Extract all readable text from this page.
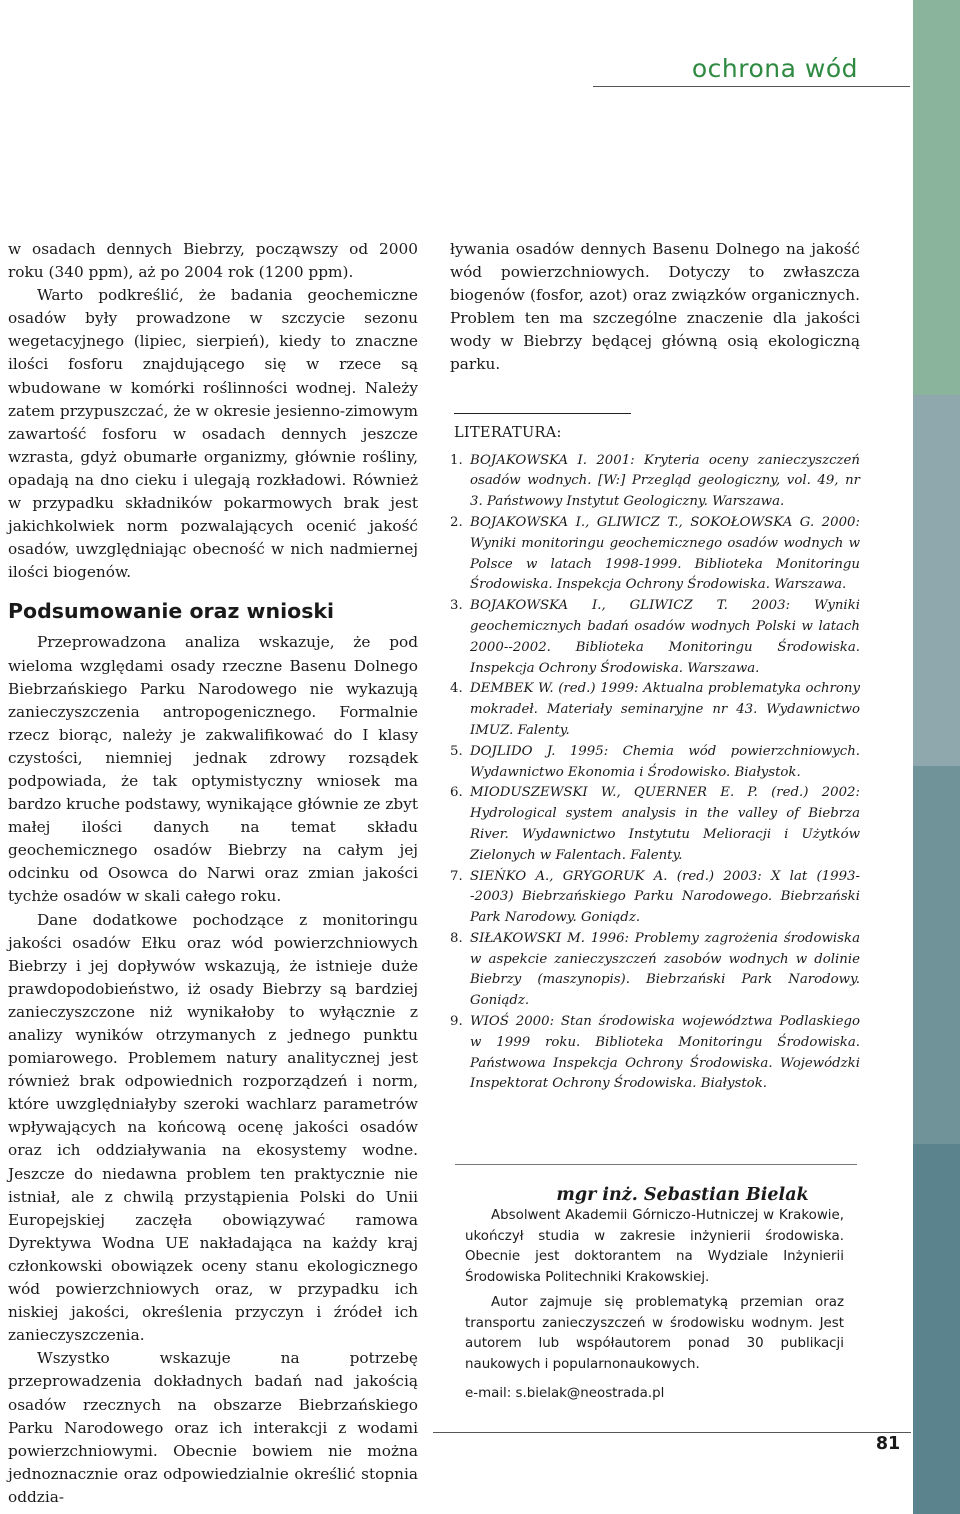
ochrona wód

w osadach dennych Biebrzy, począwszy od 2000 roku (340 ppm), aż po 2004 rok (1200 ppm).

Warto podkreślić, że badania geochemiczne osadów były prowadzone w szczycie sezonu wegetacyjnego (lipiec, sierpień), kiedy to znaczne ilości fosforu znajdującego się w rzece są wbudowane w komórki roślinności wodnej. Należy zatem przypuszczać, że w okresie jesienno-zimowym zawartość fosforu w osadach dennych jeszcze wzrasta, gdyż obumarłe organizmy, głównie rośliny, opadają na dno cieku i ulegają rozkładowi. Również w przypadku składników pokarmowych brak jest jakichkolwiek norm pozwalających ocenić jakość osadów, uwzględniając obecność w nich nadmiernej ilości biogenów.

Podsumowanie oraz wnioski

Przeprowadzona analiza wskazuje, że pod wieloma względami osady rzeczne Basenu Dolnego Biebrzańskiego Parku Narodowego nie wykazują zanieczyszczenia antropogenicznego. Formalnie rzecz biorąc, należy je zakwalifikować do I klasy czystości, niemniej jednak zdrowy rozsądek podpowiada, że tak optymistyczny wniosek ma bardzo kruche podstawy, wynikające głównie ze zbyt małej ilości danych na temat składu geochemicznego osadów Biebrzy na całym jej odcinku od Osowca do Narwi oraz zmian jakości tychże osadów w skali całego roku.

Dane dodatkowe pochodzące z monitoringu jakości osadów Ełku oraz wód powierzchniowych Biebrzy i jej dopływów wskazują, że istnieje duże prawdopodobieństwo, iż osady Biebrzy są bardziej zanieczyszczone niż wynikałoby to wyłącznie z analizy wyników otrzymanych z jednego punktu pomiarowego. Problemem natury analitycznej jest również brak odpowiednich rozporządzeń i norm, które uwzględniałyby szeroki wachlarz parametrów wpływających na końcową ocenę jakości osadów oraz ich oddziaływania na ekosystemy wodne. Jeszcze do niedawna problem ten praktycznie nie istniał, ale z chwilą przystąpienia Polski do Unii Europejskiej zaczęła obowiązywać ramowa Dyrektywa Wodna UE nakładająca na każdy kraj członkowski obowiązek oceny stanu ekologicznego wód powierzchniowych oraz, w przypadku ich niskiej jakości, określenia przyczyn i źródeł ich zanieczyszczenia.

Wszystko wskazuje na potrzebę przeprowadzenia dokładnych badań nad jakością osadów rzecznych na obszarze Biebrzańskiego Parku Narodowego oraz ich interakcji z wodami powierzchniowymi. Obecnie bowiem nie można jednoznacznie oraz odpowiedzialnie określić stopnia oddzia-

ływania osadów dennych Basenu Dolnego na jakość wód powierzchniowych. Dotyczy to zwłaszcza biogenów (fosfor, azot) oraz związków organicznych. Problem ten ma szczególne znaczenie dla jakości wody w Biebrzy będącej główną osią ekologiczną parku.

LITERATURA:
1. BOJAKOWSKA I. 2001: Kryteria oceny zanieczyszczeń osadów wodnych. [W:] Przegląd geologiczny, vol. 49, nr 3. Państwowy Instytut Geologiczny. Warszawa.
2. BOJAKOWSKA I., GLIWICZ T., SOKOŁOWSKA G. 2000: Wyniki monitoringu geochemicznego osadów wodnych w Polsce w latach 1998-1999. Biblioteka Monitoringu Środowiska. Inspekcja Ochrony Środowiska. Warszawa.
3. BOJAKOWSKA I., GLIWICZ T. 2003: Wyniki geochemicznych badań osadów wodnych Polski w latach 2000--2002. Biblioteka Monitoringu Środowiska. Inspekcja Ochrony Środowiska. Warszawa.
4. DEMBEK W. (red.) 1999: Aktualna problematyka ochrony mokradeł. Materiały seminaryjne nr 43. Wydawnictwo IMUZ. Falenty.
5. DOJLIDO J. 1995: Chemia wód powierzchniowych. Wydawnictwo Ekonomia i Środowisko. Białystok.
6. MIODUSZEWSKI W., QUERNER E. P. (red.) 2002: Hydrological system analysis in the valley of Biebrza River. Wydawnictwo Instytutu Melioracji i Użytków Zielonych w Falentach. Falenty.
7. SIEŃKO A., GRYGORUK A. (red.) 2003: X lat (1993--2003) Biebrzańskiego Parku Narodowego. Biebrzański Park Narodowy. Goniądz.
8. SIŁAKOWSKI M. 1996: Problemy zagrożenia środowiska w aspekcie zanieczyszczeń zasobów wodnych w dolinie Biebrzy (maszynopis). Biebrzański Park Narodowy. Goniądz.
9. WIOŚ 2000: Stan środowiska województwa Podlaskiego w 1999 roku. Biblioteka Monitoringu Środowiska. Państwowa Inspekcja Ochrony Środowiska. Wojewódzki Inspektorat Ochrony Środowiska. Białystok.
mgr inż. Sebastian Bielak

Absolwent Akademii Górniczo-Hutniczej w Krakowie, ukończył studia w zakresie inżynierii środowiska. Obecnie jest doktorantem na Wydziale Inżynierii Środowiska Politechniki Krakowskiej.

Autor zajmuje się problematyką przemian oraz transportu zanieczyszczeń w środowisku wodnym. Jest autorem lub współautorem ponad 30 publikacji naukowych i popularnonaukowych.

e-mail: s.bielak@neostrada.pl

81
